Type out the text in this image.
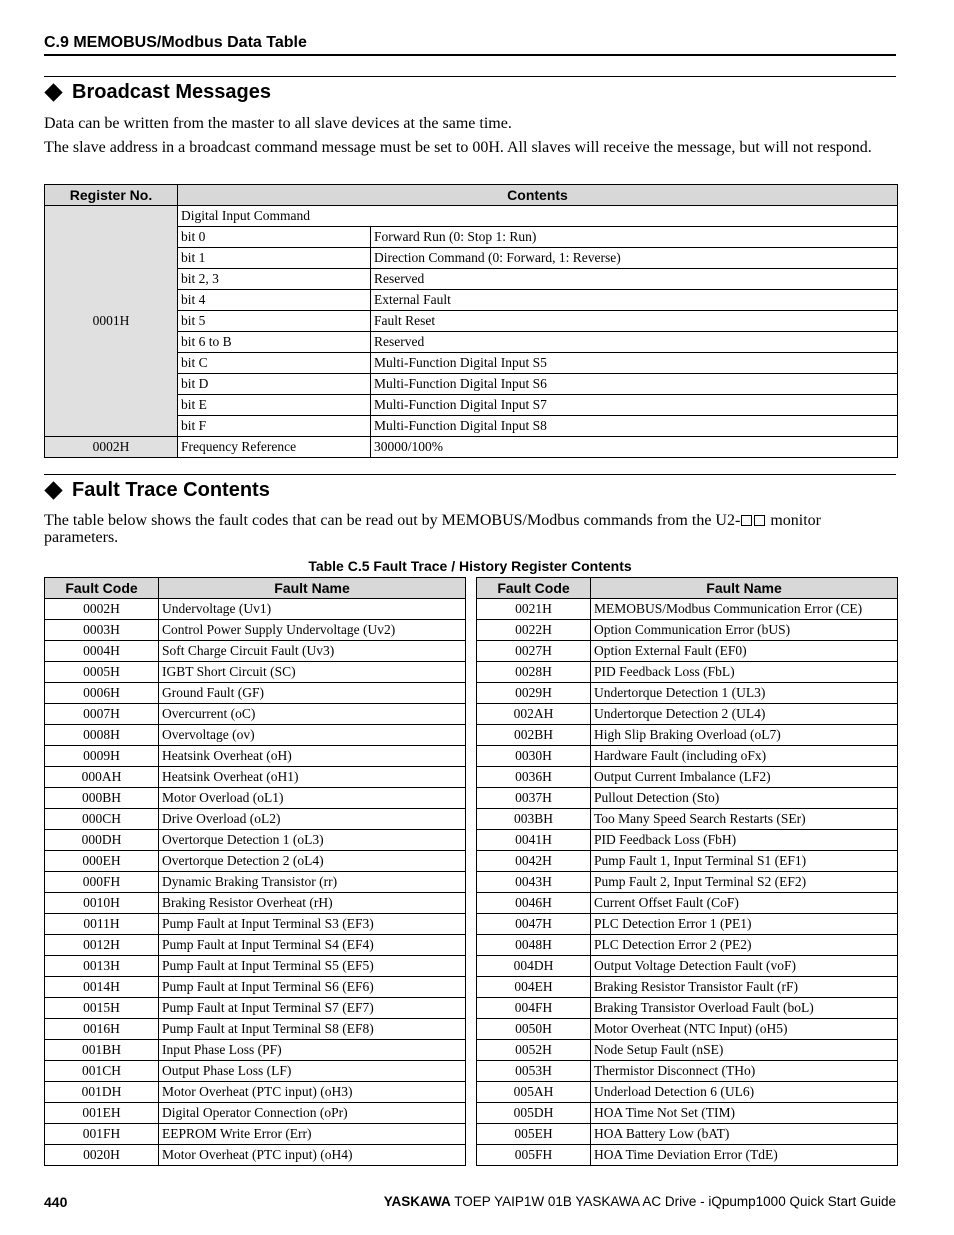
C.9 MEMOBUS/Modbus Data Table
Broadcast Messages
Data can be written from the master to all slave devices at the same time.
The slave address in a broadcast command message must be set to 00H. All slaves will receive the message, but will not respond.
Register No.	Contents	
0001H	Digital Input Command	
	bit 0	Forward Run (0: Stop 1: Run)
	bit 1	Direction Command (0: Forward, 1: Reverse)
	bit 2, 3	Reserved
	bit 4	External Fault
	bit 5	Fault Reset
	bit 6 to B	Reserved
	bit C	Multi-Function Digital Input S5
	bit D	Multi-Function Digital Input S6
	bit E	Multi-Function Digital Input S7
	bit F	Multi-Function Digital Input S8
0002H	Frequency Reference	30000/100%
Fault Trace Contents
The table below shows the fault codes that can be read out by MEMOBUS/Modbus commands from the U2- monitor parameters.
Table C.5 Fault Trace / History Register Contents
Fault Code	Fault Name
0002H	Undervoltage (Uv1)
0003H	Control Power Supply Undervoltage (Uv2)
0004H	Soft Charge Circuit Fault (Uv3)
0005H	IGBT Short Circuit (SC)
0006H	Ground Fault (GF)
0007H	Overcurrent (oC)
0008H	Overvoltage (ov)
0009H	Heatsink Overheat (oH)
000AH	Heatsink Overheat (oH1)
000BH	Motor Overload (oL1)
000CH	Drive Overload (oL2)
000DH	Overtorque Detection 1 (oL3)
000EH	Overtorque Detection 2 (oL4)
000FH	Dynamic Braking Transistor (rr)
0010H	Braking Resistor Overheat (rH)
0011H	Pump Fault at Input Terminal S3 (EF3)
0012H	Pump Fault at Input Terminal S4 (EF4)
0013H	Pump Fault at Input Terminal S5 (EF5)
0014H	Pump Fault at Input Terminal S6 (EF6)
0015H	Pump Fault at Input Terminal S7 (EF7)
0016H	Pump Fault at Input Terminal S8 (EF8)
001BH	Input Phase Loss (PF)
001CH	Output Phase Loss (LF)
001DH	Motor Overheat (PTC input) (oH3)
001EH	Digital Operator Connection (oPr)
001FH	EEPROM Write Error (Err)
0020H	Motor Overheat (PTC input) (oH4)
Fault Code	Fault Name
0021H	MEMOBUS/Modbus Communication Error (CE)
0022H	Option Communication Error (bUS)
0027H	Option External Fault (EF0)
0028H	PID Feedback Loss (FbL)
0029H	Undertorque Detection 1 (UL3)
002AH	Undertorque Detection 2 (UL4)
002BH	High Slip Braking Overload (oL7)
0030H	Hardware Fault (including oFx)
0036H	Output Current Imbalance (LF2)
0037H	Pullout Detection (Sto)
003BH	Too Many Speed Search Restarts (SEr)
0041H	PID Feedback Loss (FbH)
0042H	Pump Fault 1, Input Terminal S1 (EF1)
0043H	Pump Fault 2, Input Terminal S2 (EF2)
0046H	Current Offset Fault (CoF)
0047H	PLC Detection Error 1 (PE1)
0048H	PLC Detection Error 2 (PE2)
004DH	Output Voltage Detection Fault (voF)
004EH	Braking Resistor Transistor Fault (rF)
004FH	Braking Transistor Overload Fault (boL)
0050H	Motor Overheat (NTC Input) (oH5)
0052H	Node Setup Fault (nSE)
0053H	Thermistor Disconnect (THo)
005AH	Underload Detection 6 (UL6)
005DH	HOA Time Not Set (TIM)
005EH	HOA Battery Low (bAT)
005FH	HOA Time Deviation Error (TdE)
440	YASKAWA TOEP YAIP1W 01B YASKAWA AC Drive - iQpump1000 Quick Start Guide
